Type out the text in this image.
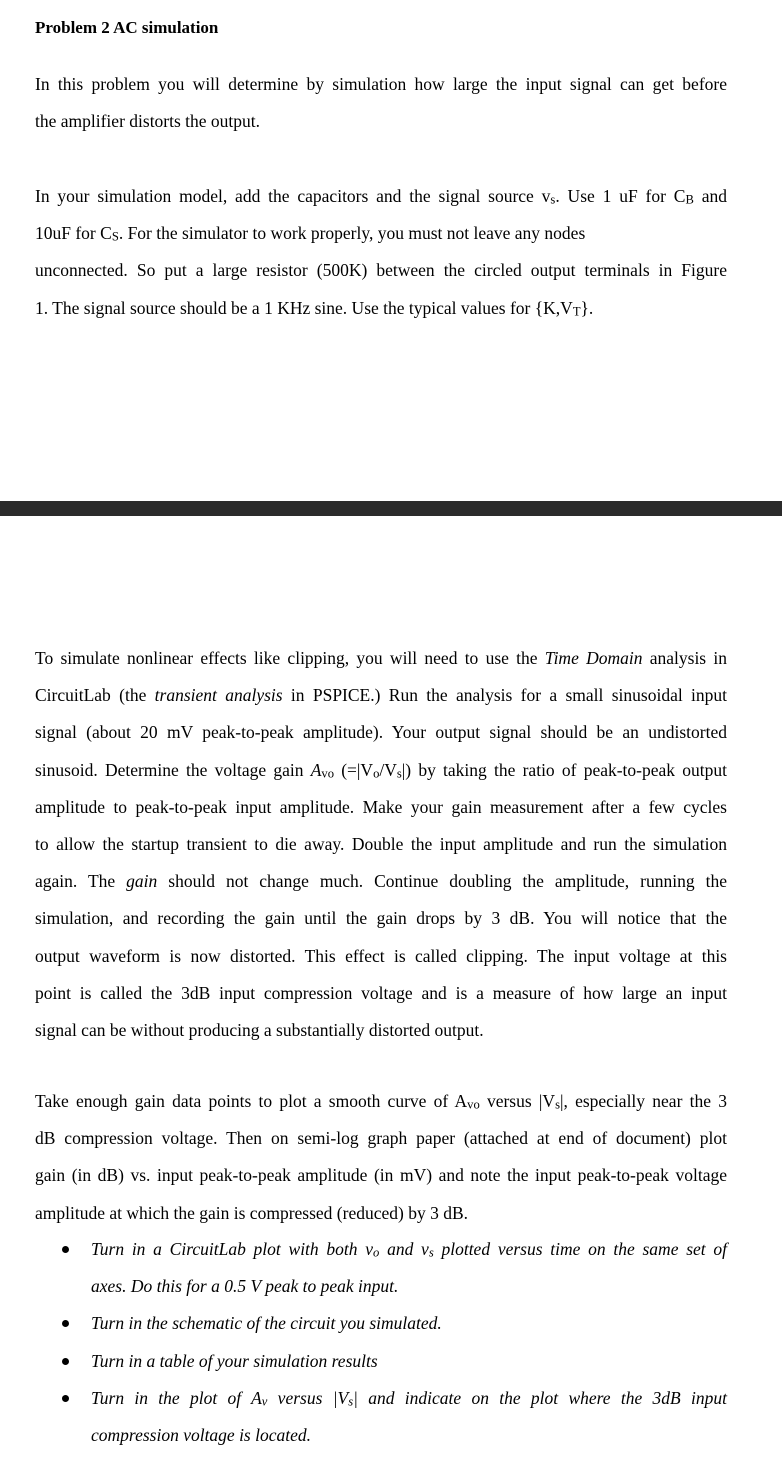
Problem 2 AC simulation

In this problem you will determine by simulation how large the input signal can get before
the amplifier distorts the output.

In your simulation model, add the capacitors and the signal source vs. Use 1 uF for CB and
10uF for CS. For the simulator to work properly, you must not leave any nodes
unconnected. So put a large resistor (500K) between the circled output terminals in Figure
1. The signal source should be a 1 KHz sine. Use the typical values for {K,VT}.

To simulate nonlinear effects like clipping, you will need to use the Time Domain analysis in
CircuitLab (the transient analysis in PSPICE.) Run the analysis for a small sinusoidal input
signal (about 20 mV peak-to-peak amplitude). Your output signal should be an undistorted
sinusoid. Determine the voltage gain Avo (=|Vo/Vs|) by taking the ratio of peak-to-peak output
amplitude to peak-to-peak input amplitude. Make your gain measurement after a few cycles
to allow the startup transient to die away. Double the input amplitude and run the simulation
again. The gain should not change much. Continue doubling the amplitude, running the
simulation, and recording the gain until the gain drops by 3 dB. You will notice that the
output waveform is now distorted. This effect is called clipping. The input voltage at this
point is called the 3dB input compression voltage and is a measure of how large an input
signal can be without producing a substantially distorted output.

Take enough gain data points to plot a smooth curve of Avo versus |Vs|, especially near the 3
dB compression voltage. Then on semi-log graph paper (attached at end of document) plot
gain (in dB) vs. input peak-to-peak amplitude (in mV) and note the input peak-to-peak voltage
amplitude at which the gain is compressed (reduced) by 3 dB.

Turn in a CircuitLab plot with both vo and vs plotted versus time on the same set of
axes. Do this for a 0.5 V peak to peak input.
Turn in the schematic of the circuit you simulated.
Turn in a table of your simulation results
Turn in the plot of Av versus |Vs| and indicate on the plot where the 3dB input
compression voltage is located.
